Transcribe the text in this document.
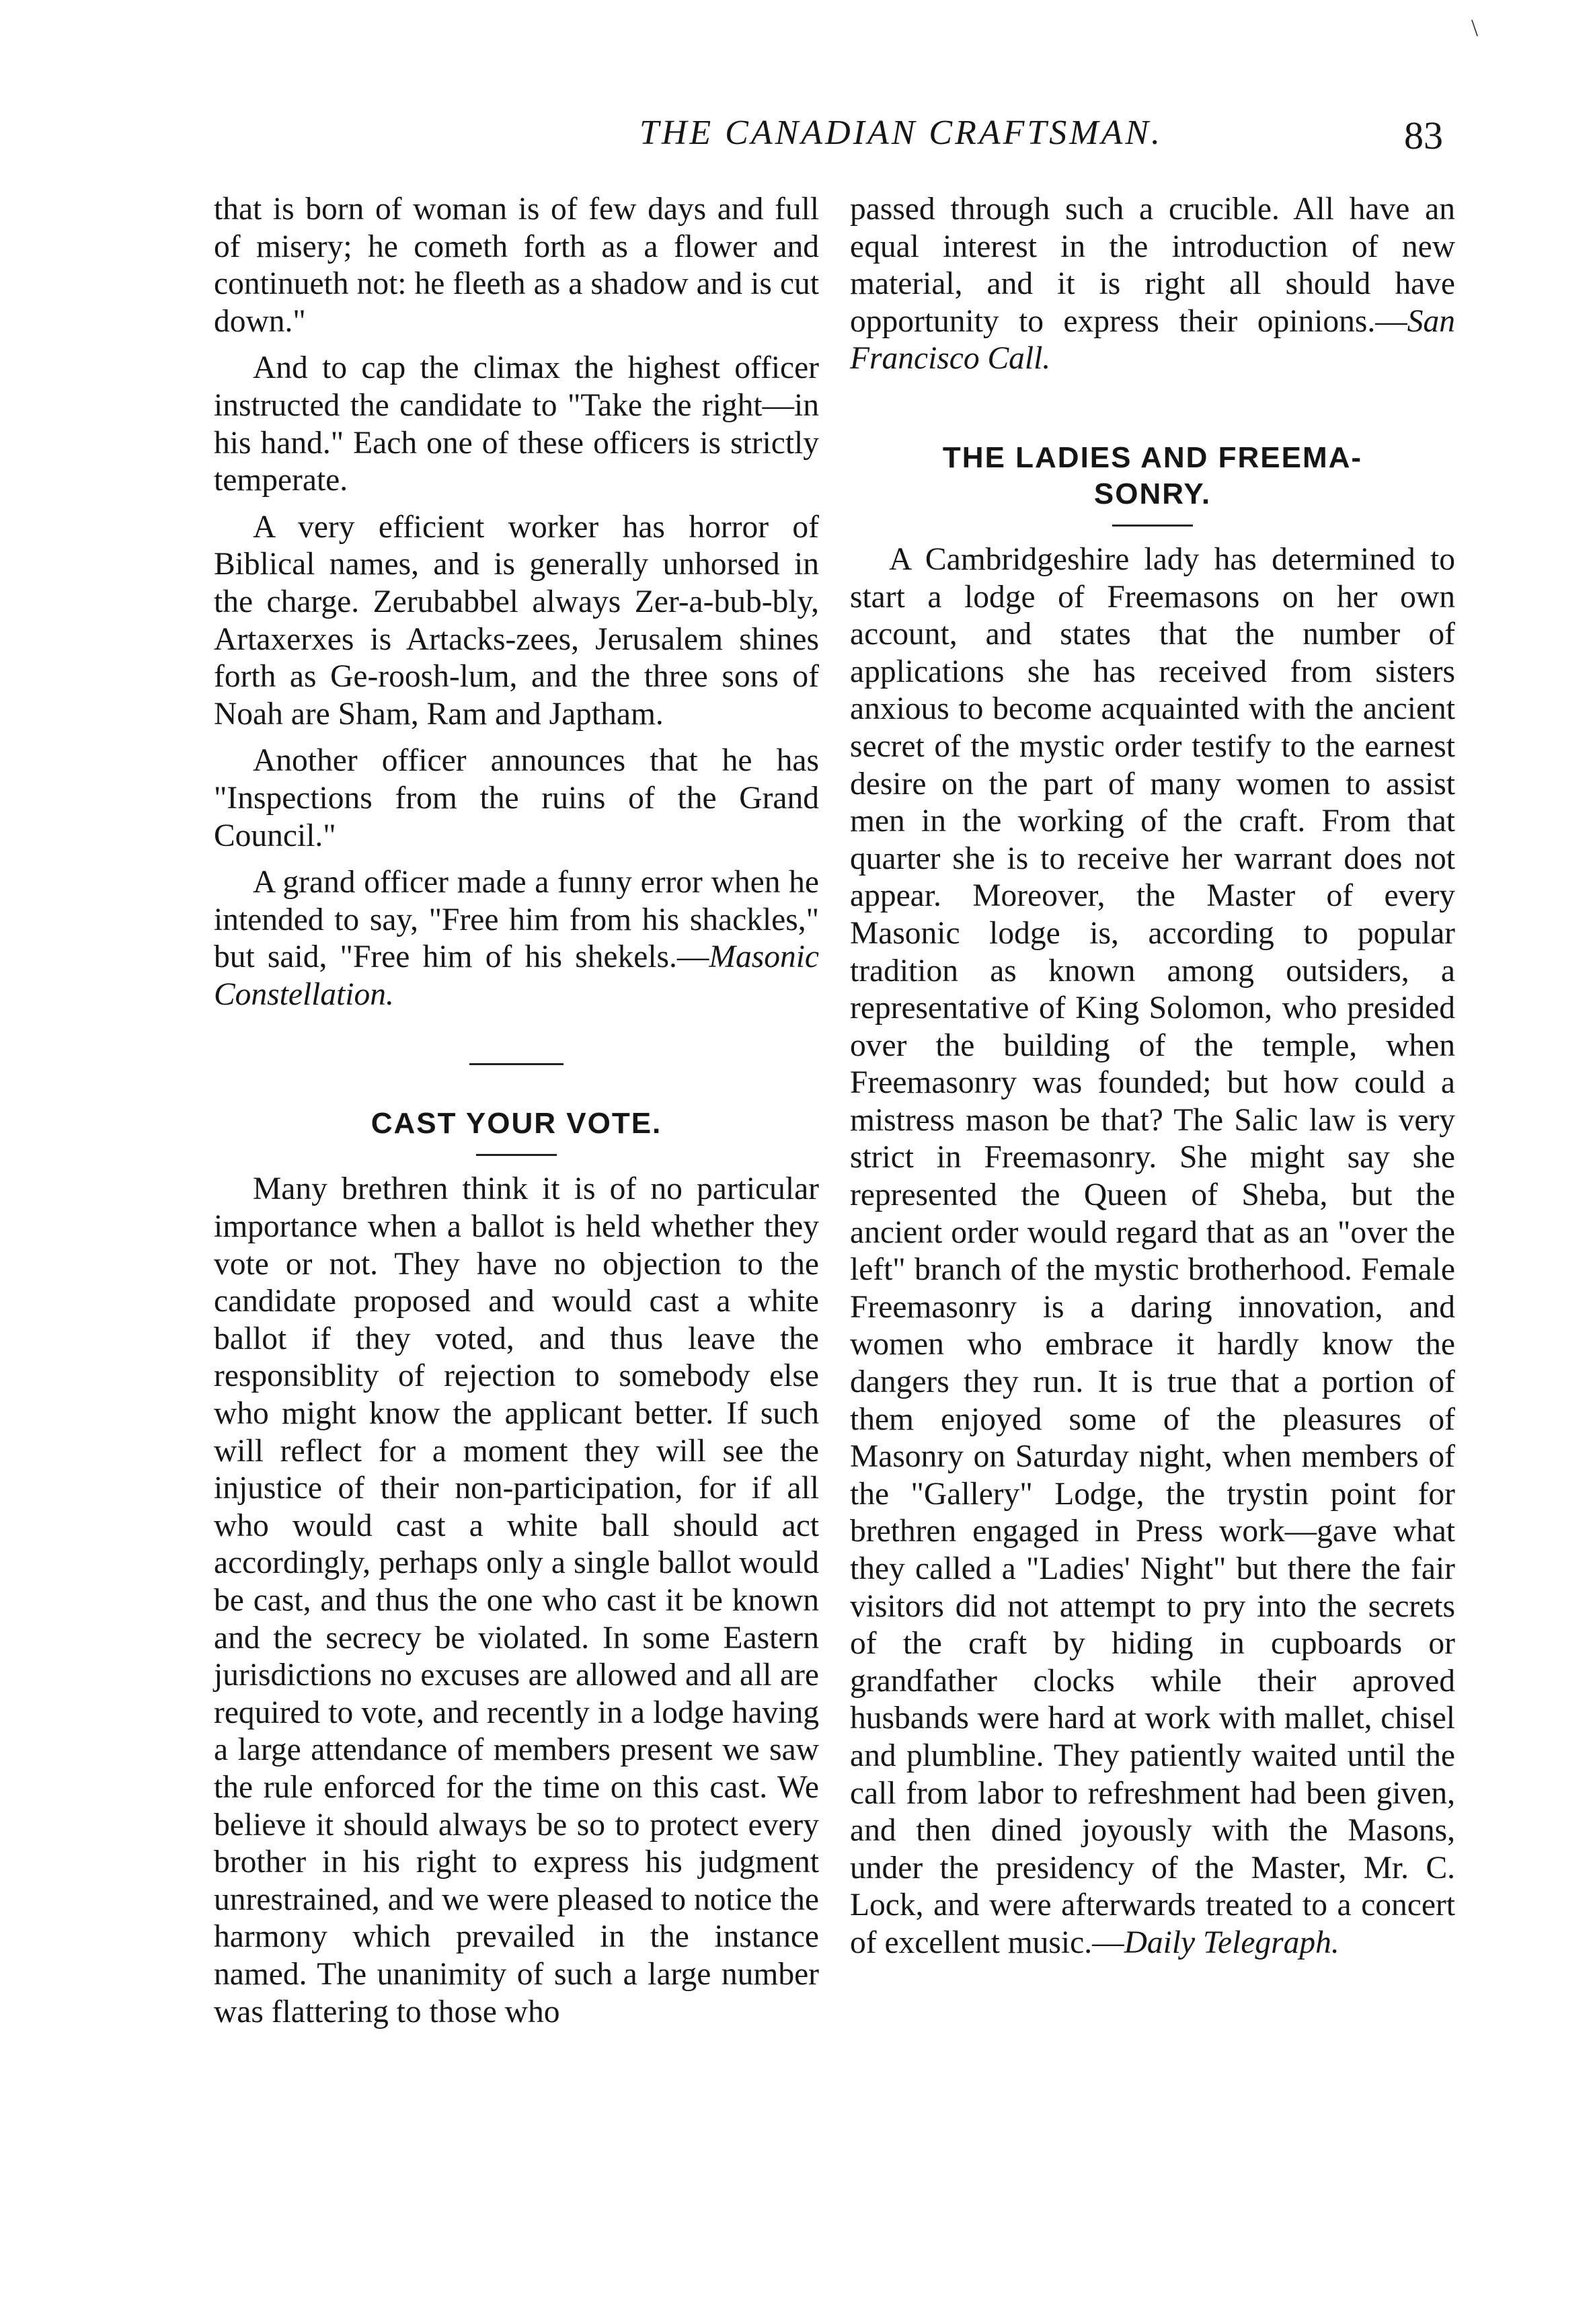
\
THE CANADIAN CRAFTSMAN.	83

that is born of woman is of few days and full of misery; he cometh forth as a flower and continueth not: he fleeth as a shadow and is cut down."

And to cap the climax the highest officer instructed the candidate to "Take the right—in his hand." Each one of these officers is strictly temperate.

A very efficient worker has horror of Biblical names, and is generally unhorsed in the charge. Zerubabbel always Zer-a-bub-bly, Artaxerxes is Artacks-zees, Jerusalem shines forth as Ge-roosh-lum, and the three sons of Noah are Sham, Ram and Japtham.

Another officer announces that he has "Inspections from the ruins of the Grand Council."

A grand officer made a funny error when he intended to say, "Free him from his shackles," but said, "Free him of his shekels.—Masonic Constellation.

CAST YOUR VOTE.

Many brethren think it is of no particular importance when a ballot is held whether they vote or not. They have no objection to the candidate proposed and would cast a white ballot if they voted, and thus leave the responsiblity of rejection to somebody else who might know the applicant better. If such will reflect for a moment they will see the injustice of their non-participation, for if all who would cast a white ball should act accordingly, perhaps only a single ballot would be cast, and thus the one who cast it be known and the secrecy be violated. In some Eastern jurisdictions no excuses are allowed and all are required to vote, and recently in a lodge having a large attendance of members present we saw the rule enforced for the time on this cast. We believe it should always be so to protect every brother in his right to express his judgment unrestrained, and we were pleased to notice the harmony which prevailed in the instance named. The unanimity of such a large number was flattering to those who

passed through such a crucible. All have an equal interest in the introduction of new material, and it is right all should have opportunity to express their opinions.—San Francisco Call.

THE LADIES AND FREEMA-
SONRY.

A Cambridgeshire lady has determined to start a lodge of Freemasons on her own account, and states that the number of applications she has received from sisters anxious to become acquainted with the ancient secret of the mystic order testify to the earnest desire on the part of many women to assist men in the working of the craft. From that quarter she is to receive her warrant does not appear. Moreover, the Master of every Masonic lodge is, according to popular tradition as known among outsiders, a representative of King Solomon, who presided over the building of the temple, when Freemasonry was founded; but how could a mistress mason be that? The Salic law is very strict in Freemasonry. She might say she represented the Queen of Sheba, but the ancient order would regard that as an "over the left" branch of the mystic brotherhood. Female Freemasonry is a daring innovation, and women who embrace it hardly know the dangers they run. It is true that a portion of them enjoyed some of the pleasures of Masonry on Saturday night, when members of the "Gallery" Lodge, the trystin point for brethren engaged in Press work—gave what they called a "Ladies' Night" but there the fair visitors did not attempt to pry into the secrets of the craft by hiding in cupboards or grandfather clocks while their aproved husbands were hard at work with mallet, chisel and plumbline. They patiently waited until the call from labor to refreshment had been given, and then dined joyously with the Masons, under the presidency of the Master, Mr. C. Lock, and were afterwards treated to a concert of excellent music.—Daily Telegraph.
